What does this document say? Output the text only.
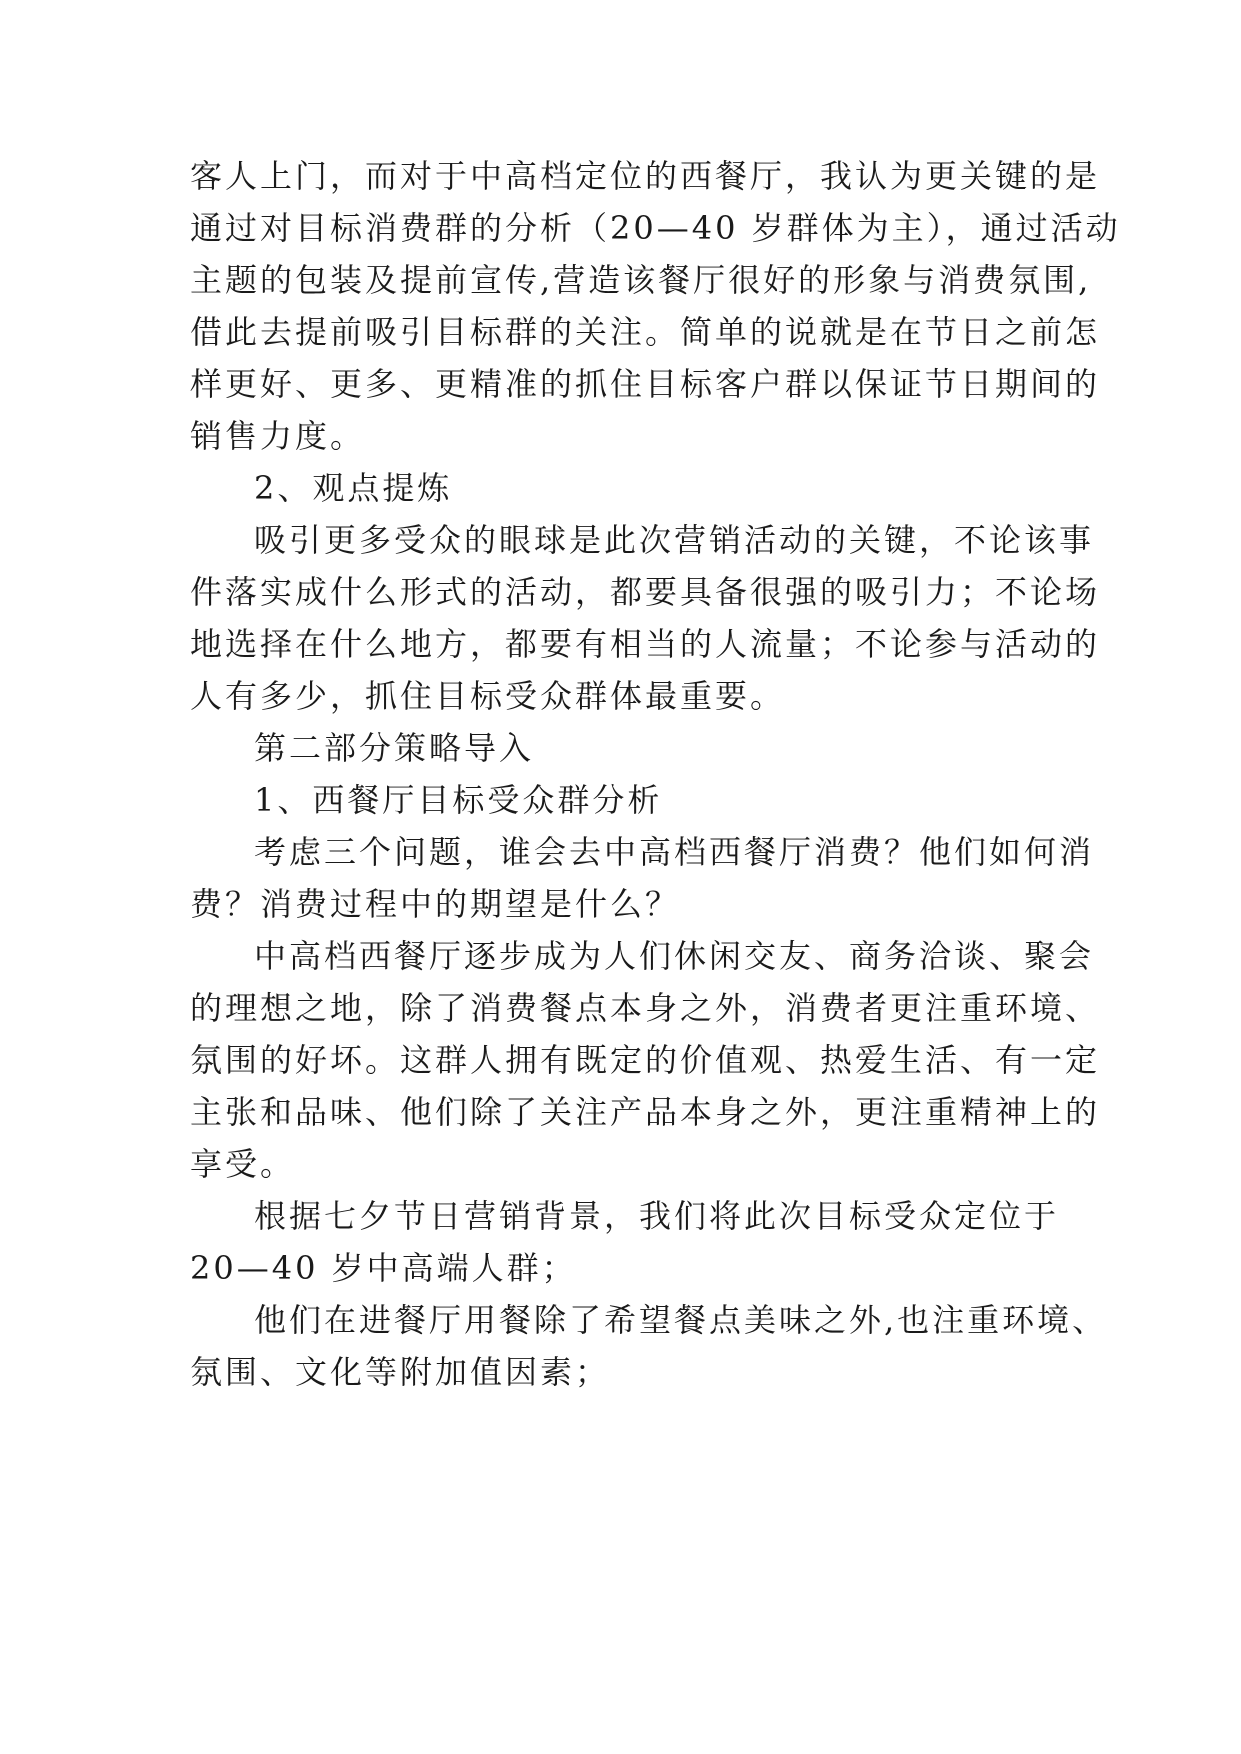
客人上门，而对于中高档定位的西餐厅，我认为更关键的是
通过对目标消费群的分析（20—40 岁群体为主），通过活动
主题的包装及提前宣传,营造该餐厅很好的形象与消费氛围,
借此去提前吸引目标群的关注。简单的说就是在节日之前怎
样更好、更多、更精准的抓住目标客户群以保证节日期间的
销售力度。
2、观点提炼
吸引更多受众的眼球是此次营销活动的关键，不论该事
件落实成什么形式的活动，都要具备很强的吸引力；不论场
地选择在什么地方，都要有相当的人流量；不论参与活动的
人有多少，抓住目标受众群体最重要。
第二部分策略导入
1、西餐厅目标受众群分析
考虑三个问题，谁会去中高档西餐厅消费？他们如何消
费？消费过程中的期望是什么？
中高档西餐厅逐步成为人们休闲交友、商务洽谈、聚会
的理想之地，除了消费餐点本身之外，消费者更注重环境、
氛围的好坏。这群人拥有既定的价值观、热爱生活、有一定
主张和品味、他们除了关注产品本身之外，更注重精神上的
享受。
根据七夕节日营销背景，我们将此次目标受众定位于
20—40 岁中高端人群；
他们在进餐厅用餐除了希望餐点美味之外,也注重环境、
氛围、文化等附加值因素；
